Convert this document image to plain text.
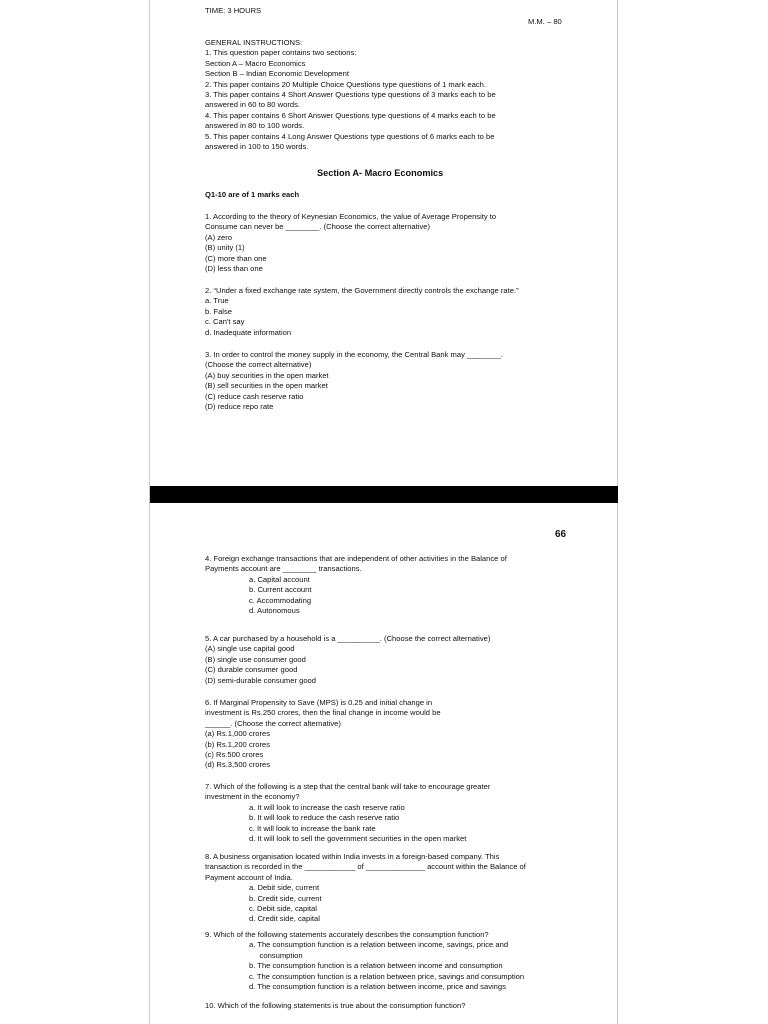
TIME: 3 HOURS
M.M. – 80
GENERAL INSTRUCTIONS:
1. This question paper contains two sections:
Section A – Macro Economics
Section B – Indian Economic Development
2. This paper contains 20 Multiple Choice Questions type questions of 1 mark each.
3. This paper contains 4 Short Answer Questions type questions of 3 marks each to be
answered in 60 to 80 words.
4. This paper contains 6 Short Answer Questions type questions of 4 marks each to be
answered in 80 to 100 words.
5. This paper contains 4 Long Answer Questions type questions of 6 marks each to be
answered in 100 to 150 words.
Section A- Macro Economics
Q1-10 are of 1 marks each
1. According to the theory of Keynesian Economics, the value of Average Propensity to
Consume can never be ________. (Choose the correct alternative)
(A) zero
(B) unity (1)
(C) more than one
(D) less than one
2. “Under a fixed exchange rate system, the Government directly controls the exchange rate.”
a. True
b. False
c. Can't say
d. Inadequate information
3. In order to control the money supply in the economy, the Central Bank may ________.
(Choose the correct alternative)
(A) buy securities in the open market
(B) sell securities in the open market
(C) reduce cash reserve ratio
(D) reduce repo rate
66
4. Foreign exchange transactions that are independent of other activities in the Balance of
Payments account are ________ transactions.
a. Capital account
b. Current account
c. Accommodating
d. Autonomous
5. A car purchased by a household is a __________. (Choose the correct alternative)
(A) single use capital good
(B) single use consumer good
(C) durable consumer good
(D) semi-durable consumer good
6. If Marginal Propensity to Save (MPS) is 0.25 and initial change in
investment is Rs.250 crores, then the final change in income would be
______. (Choose the correct alternative)
(a) Rs.1,000 crores
(b) Rs.1,200 crores
(c) Rs.500 crores
(d) Rs.3,500 crores
7. Which of the following is a step that the central bank will take to encourage greater
investment in the economy?
a. It will look to increase the cash reserve ratio
b. It will look to reduce the cash reserve ratio
c. It will look to increase the bank rate
d. It will look to sell the government securities in the open market
8. A business organisation located within India invests in a foreign-based company. This
transaction is recorded in the ____________ of ______________ account within the Balance of
Payment account of India.
a. Debit side, current
b. Credit side, current
c. Debit side, capital
d. Credit side, capital
9. Which of the following statements accurately describes the consumption function?
a. The consumption function is a relation between income, savings, price and
consumption
b. The consumption function is a relation between income and consumption
c. The consumption function is a relation between price, savings and consumption
d. The consumption function is a relation between income, price and savings
10. Which of the following statements is true about the consumption function?
